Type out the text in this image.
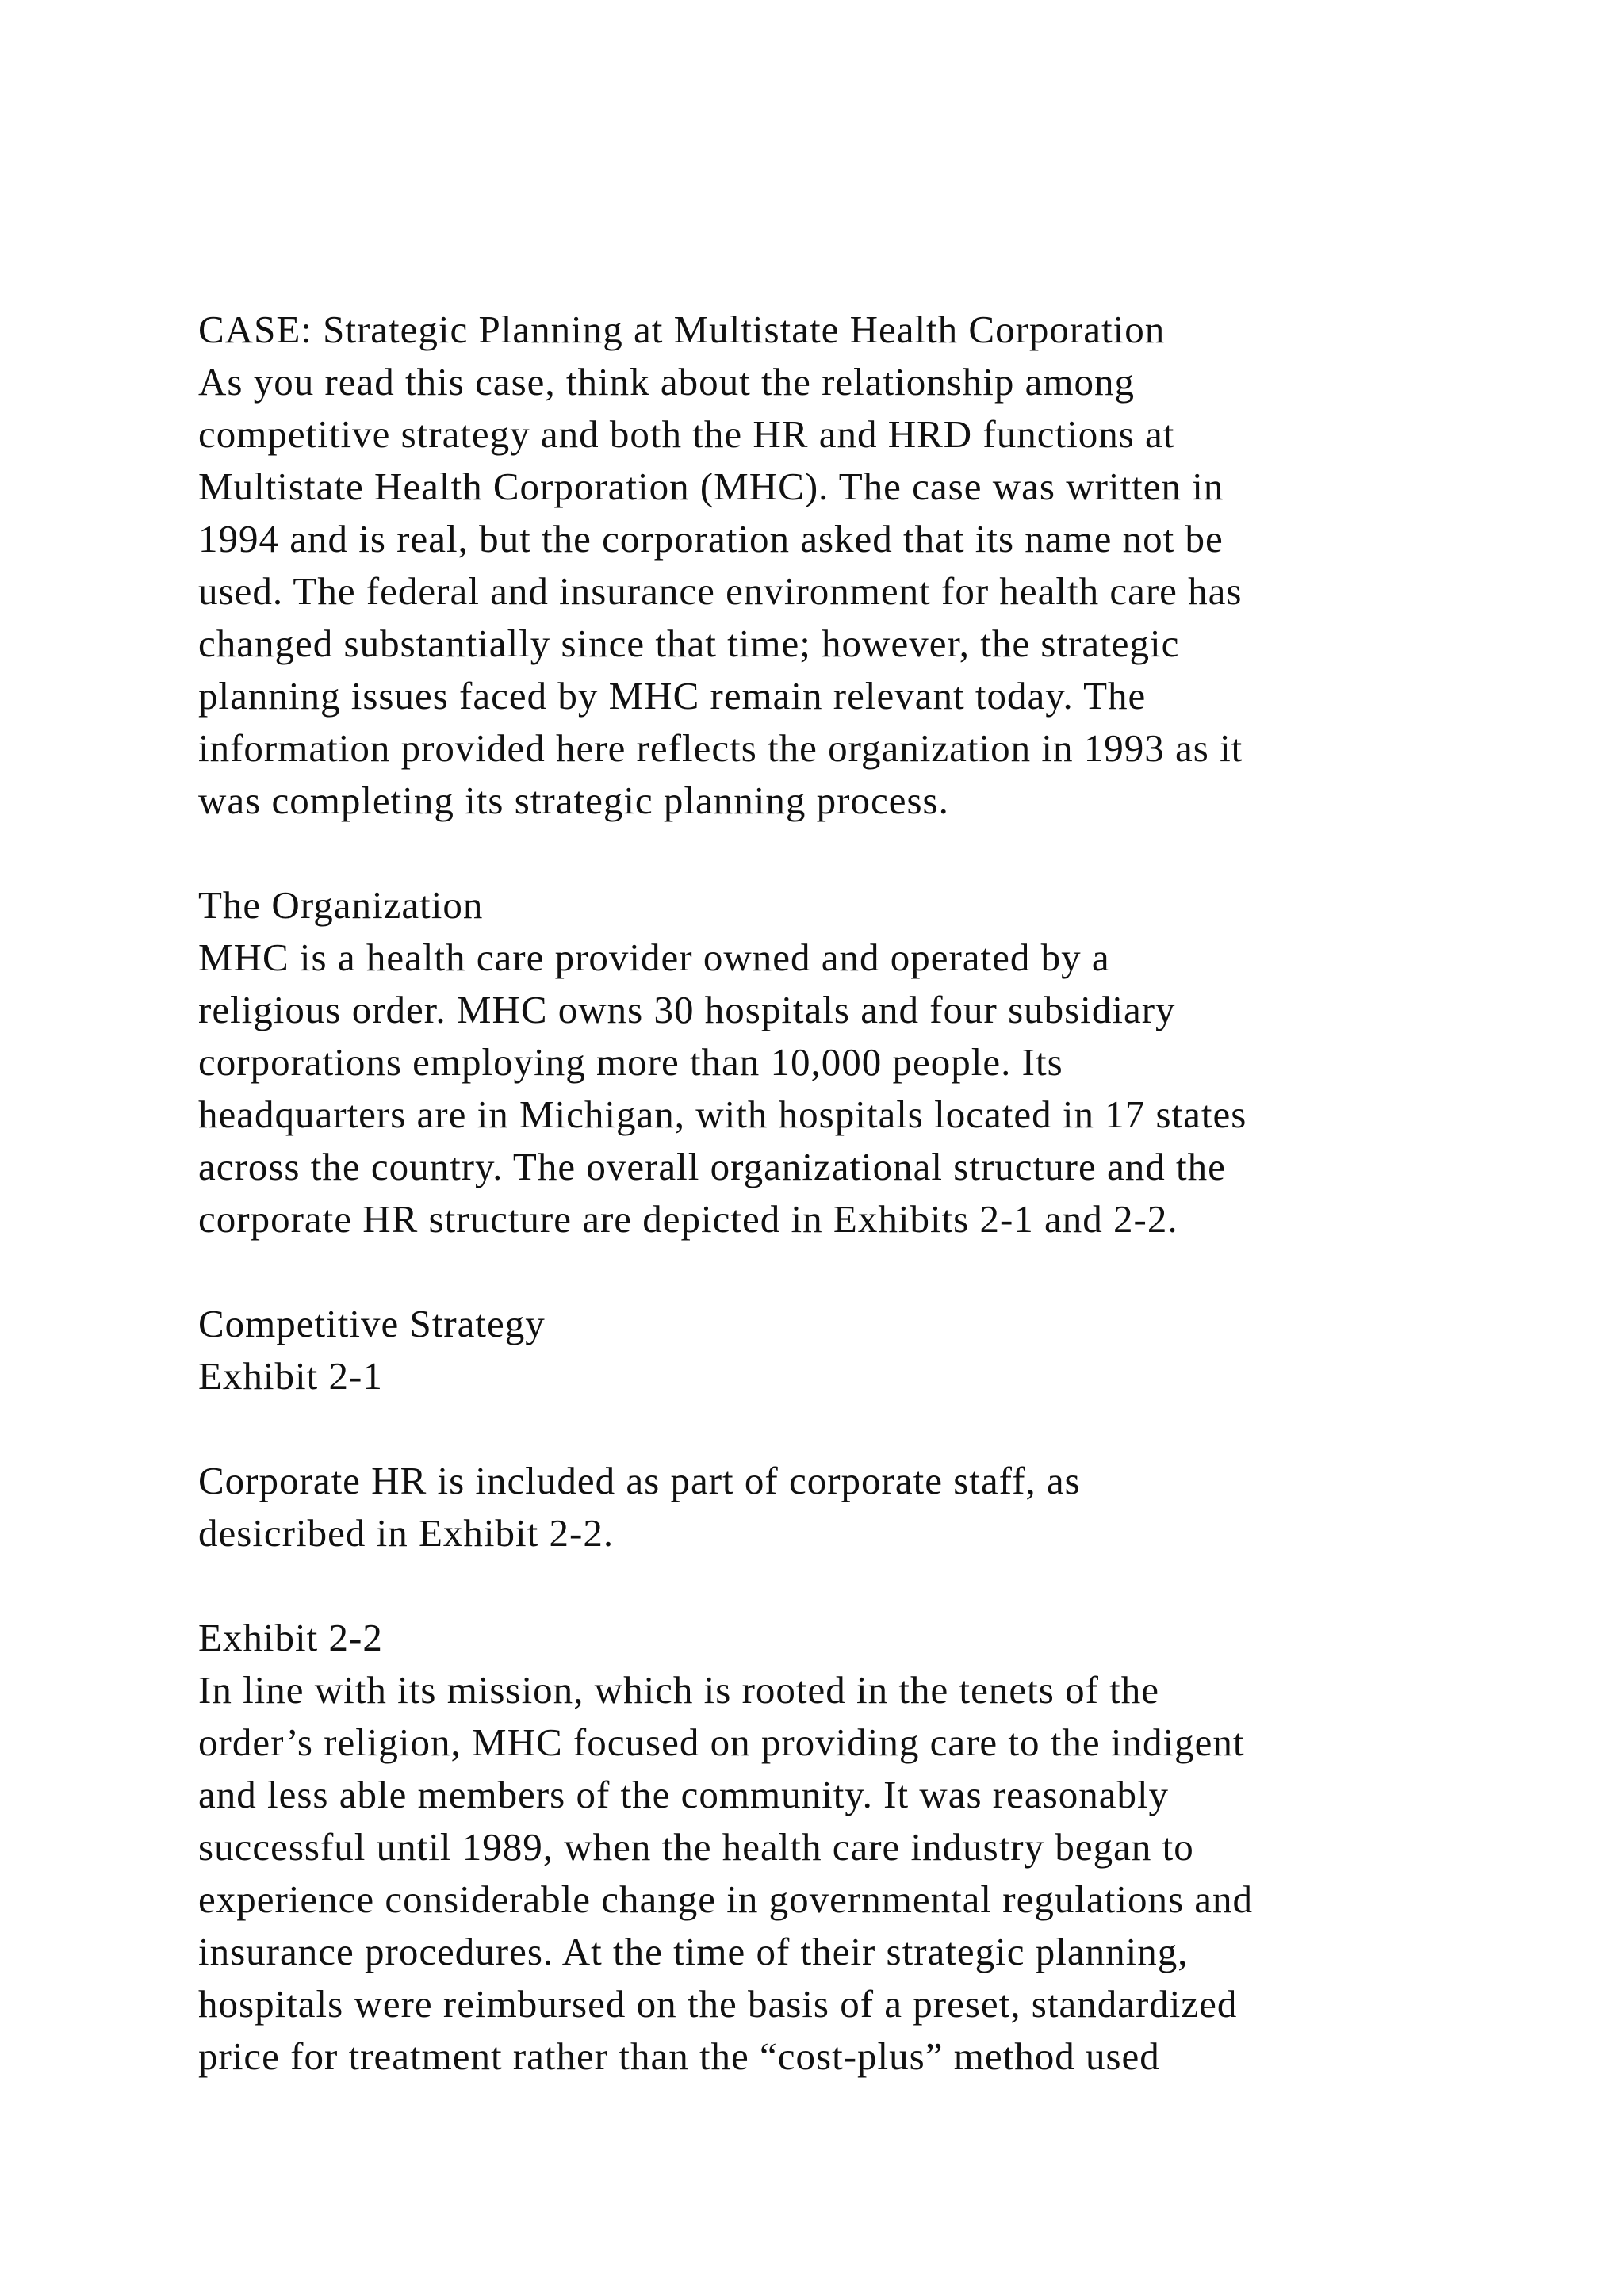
CASE: Strategic Planning at Multistate Health Corporation
As you read this case, think about the relationship among
competitive strategy and both the HR and HRD functions at
Multistate Health Corporation (MHC). The case was written in
1994 and is real, but the corporation asked that its name not be
used. The federal and insurance environment for health care has
changed substantially since that time; however, the strategic
planning issues faced by MHC remain relevant today. The
information provided here reflects the organization in 1993 as it
was completing its strategic planning process.
The Organization
MHC is a health care provider owned and operated by a
religious order. MHC owns 30 hospitals and four subsidiary
corporations employing more than 10,000 people. Its
headquarters are in Michigan, with hospitals located in 17 states
across the country. The overall organizational structure and the
corporate HR structure are depicted in Exhibits 2-1 and 2-2.
Competitive Strategy
Exhibit 2-1
Corporate HR is included as part of corporate staff, as
desicribed in Exhibit 2-2.
Exhibit 2-2
In line with its mission, which is rooted in the tenets of the
order’s religion, MHC focused on providing care to the indigent
and less able members of the community. It was reasonably
successful until 1989, when the health care industry began to
experience considerable change in governmental regulations and
insurance procedures. At the time of their strategic planning,
hospitals were reimbursed on the basis of a preset, standardized
price for treatment rather than the “cost-plus” method used
